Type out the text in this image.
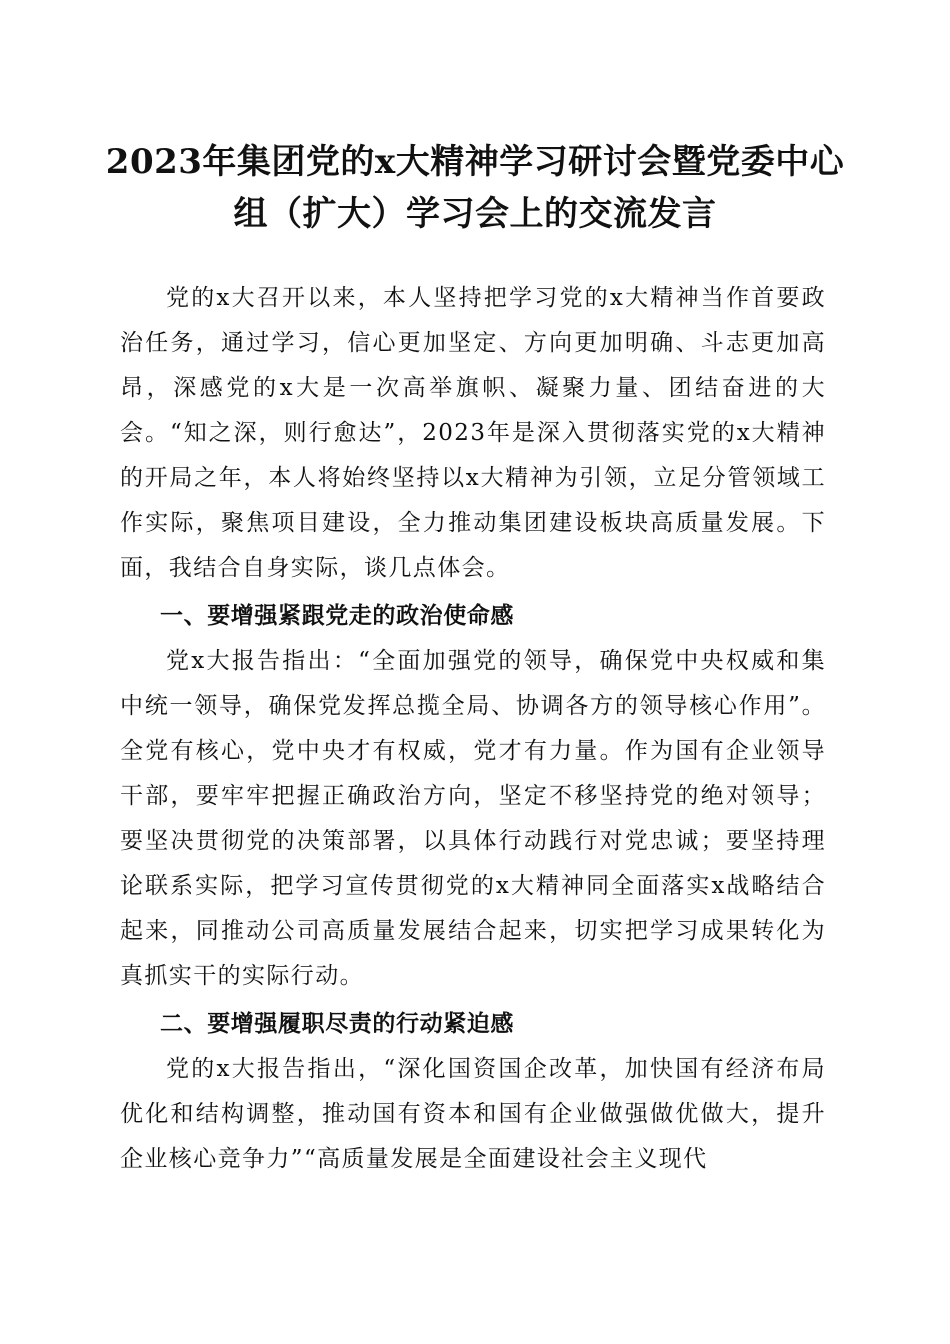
2023年集团党的x大精神学习研讨会暨党委中心组（扩大）学习会上的交流发言

党的x大召开以来，本人坚持把学习党的x大精神当作首要政治任务，通过学习，信心更加坚定、方向更加明确、斗志更加高昂，深感党的x大是一次高举旗帜、凝聚力量、团结奋进的大会。“知之深，则行愈达”，2023年是深入贯彻落实党的x大精神的开局之年，本人将始终坚持以x大精神为引领，立足分管领域工作实际，聚焦项目建设，全力推动集团建设板块高质量发展。下面，我结合自身实际，谈几点体会。

一、要增强紧跟党走的政治使命感

党x大报告指出：“全面加强党的领导，确保党中央权威和集中统一领导，确保党发挥总揽全局、协调各方的领导核心作用”。全党有核心，党中央才有权威，党才有力量。作为国有企业领导干部，要牢牢把握正确政治方向，坚定不移坚持党的绝对领导；要坚决贯彻党的决策部署，以具体行动践行对党忠诚；要坚持理论联系实际，把学习宣传贯彻党的x大精神同全面落实x战略结合起来，同推动公司高质量发展结合起来，切实把学习成果转化为真抓实干的实际行动。

二、要增强履职尽责的行动紧迫感

党的x大报告指出，“深化国资国企改革，加快国有经济布局优化和结构调整，推动国有资本和国有企业做强做优做大，提升企业核心竞争力”“高质量发展是全面建设社会主义现代
